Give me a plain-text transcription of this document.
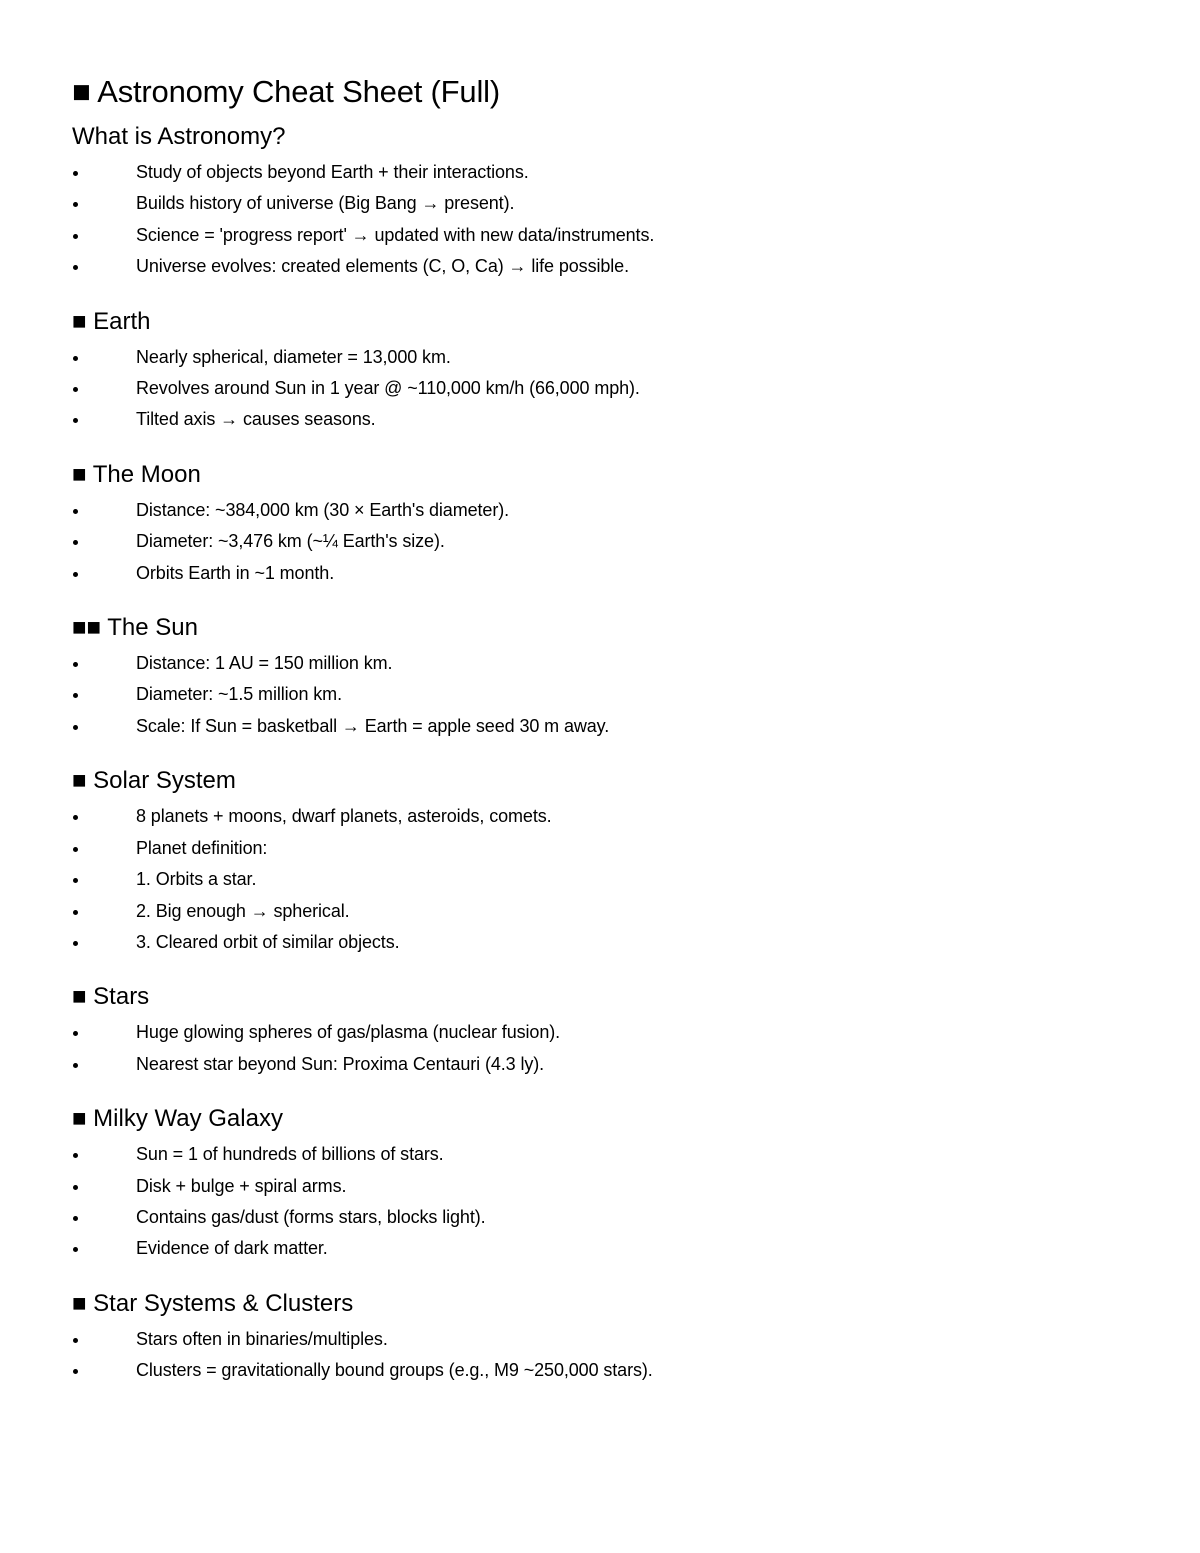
■ Astronomy Cheat Sheet (Full)
What is Astronomy?
Study of objects beyond Earth + their interactions.
Builds history of universe (Big Bang → present).
Science = 'progress report' → updated with new data/instruments.
Universe evolves: created elements (C, O, Ca) → life possible.
■ Earth
Nearly spherical, diameter = 13,000 km.
Revolves around Sun in 1 year @ ~110,000 km/h (66,000 mph).
Tilted axis → causes seasons.
■ The Moon
Distance: ~384,000 km (30 × Earth's diameter).
Diameter: ~3,476 km (~¼ Earth's size).
Orbits Earth in ~1 month.
■■ The Sun
Distance: 1 AU = 150 million km.
Diameter: ~1.5 million km.
Scale: If Sun = basketball → Earth = apple seed 30 m away.
■ Solar System
8 planets + moons, dwarf planets, asteroids, comets.
Planet definition:
1. Orbits a star.
2. Big enough → spherical.
3. Cleared orbit of similar objects.
■ Stars
Huge glowing spheres of gas/plasma (nuclear fusion).
Nearest star beyond Sun: Proxima Centauri (4.3 ly).
■ Milky Way Galaxy
Sun = 1 of hundreds of billions of stars.
Disk + bulge + spiral arms.
Contains gas/dust (forms stars, blocks light).
Evidence of dark matter.
■ Star Systems & Clusters
Stars often in binaries/multiples.
Clusters = gravitationally bound groups (e.g., M9 ~250,000 stars).
